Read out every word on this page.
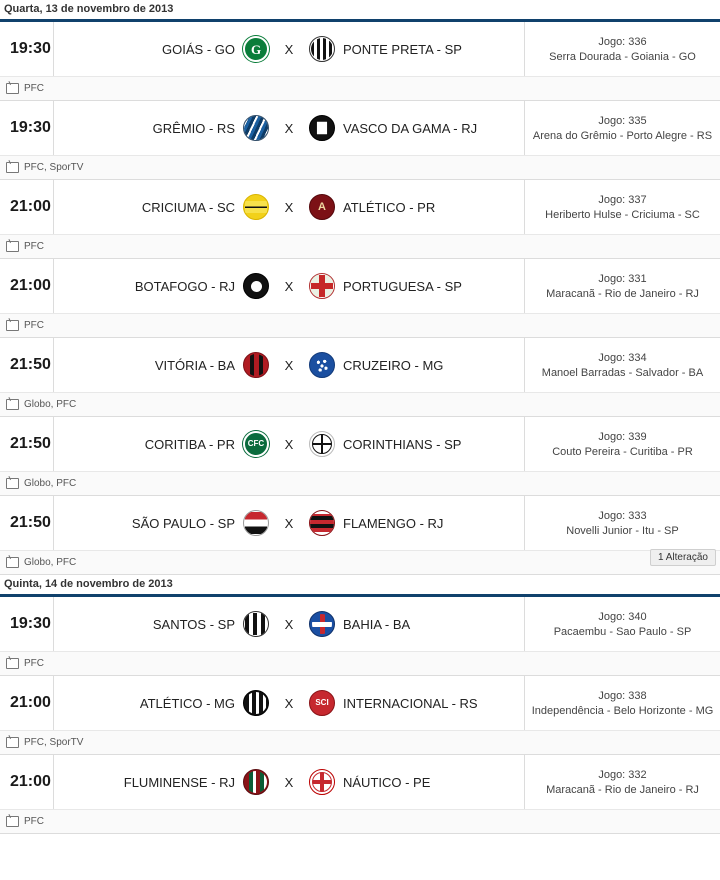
Quarta, 13 de novembro de 2013
19:30	GOIÁS - GO G	X	PONTE PRETA - SP	Jogo: 336
Serra Dourada - Goiania - GO
PFC
19:30	GRÊMIO - RS	X	VASCO DA GAMA - RJ	Jogo: 335
Arena do Grêmio - Porto Alegre - RS
PFC, SporTV
21:00	CRICIUMA - SC	X A	ATLÉTICO - PR	Jogo: 337
Heriberto Hulse - Criciuma - SC
PFC
21:00	BOTAFOGO - RJ	X	PORTUGUESA - SP	Jogo: 331
Maracanã - Rio de Janeiro - RJ
PFC
21:50	VITÓRIA - BA	X	CRUZEIRO - MG	Jogo: 334
Manoel Barradas - Salvador - BA
Globo, PFC
21:50	CORITIBA - PR CFC	X	CORINTHIANS - SP	Jogo: 339
Couto Pereira - Curitiba - PR
Globo, PFC
21:50	SÃO PAULO - SP	X	FLAMENGO - RJ	Jogo: 333
Novelli Junior - Itu - SP
Globo, PFC	1 Alteração
Quinta, 14 de novembro de 2013
19:30	SANTOS - SP	X	BAHIA - BA	Jogo: 340
Pacaembu - Sao Paulo - SP
PFC
21:00	ATLÉTICO - MG	X SCI	INTERNACIONAL - RS	Jogo: 338
Independência - Belo Horizonte - MG
PFC, SporTV
21:00	FLUMINENSE - RJ	X	NÁUTICO - PE	Jogo: 332
Maracanã - Rio de Janeiro - RJ
PFC
